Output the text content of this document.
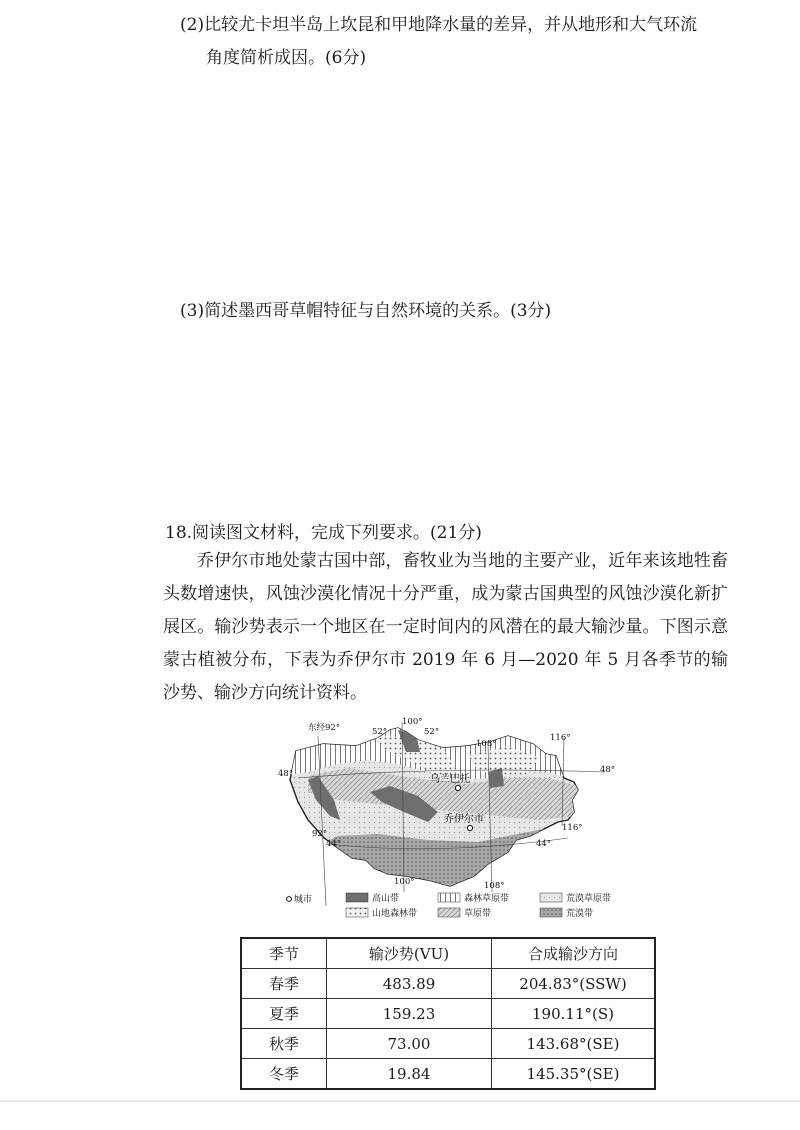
(2)比较尤卡坦半岛上坎昆和甲地降水量的差异，并从地形和大气环流
角度简析成因。(6分)
(3)简述墨西哥草帽特征与自然环境的关系。(3分)
18.阅读图文材料，完成下列要求。(21分)
乔伊尔市地处蒙古国中部，畜牧业为当地的主要产业，近年来该地牲畜头数增速快，风蚀沙漠化情况十分严重，成为蒙古国典型的风蚀沙漠化新扩展区。输沙势表示一个地区在一定时间内的风潜在的最大输沙量。下图示意蒙古植被分布，下表为乔伊尔市 2019 年 6 月—2020 年 5 月各季节的输沙势、输沙方向统计资料。
乌兰巴托
乔伊尔市
东经92°	52°
100°
52°
108°
116°
48°	48°
92°
44°
116°
44°
100°	108°
城市	高山带	森林草原带	荒漠草原带
山地森林带	草原带	荒漠带
季节	输沙势(VU)	合成输沙方向
春季	483.89	204.83°(SSW)
夏季	159.23	190.11°(S)
秋季	73.00	143.68°(SE)
冬季	19.84	145.35°(SE)
